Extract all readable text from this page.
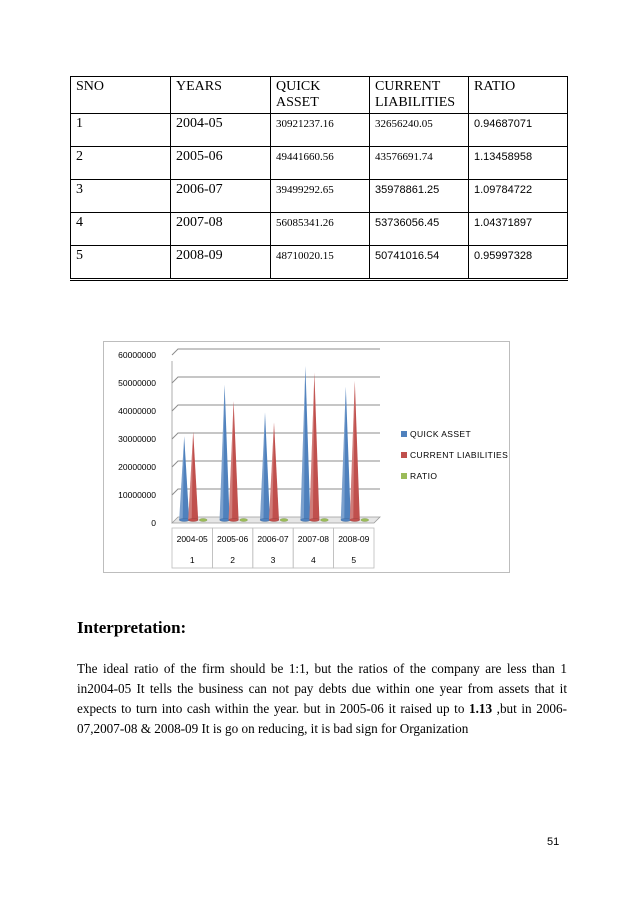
SNO	YEARS	QUICK ASSET	CURRENT LIABILITIES	RATIO
1	2004-05	30921237.16	32656240.05	0.94687071
2	2005-06	49441660.56	43576691.74	1.13458958
3	2006-07	39499292.65	35978861.25	1.09784722
4	2007-08	56085341.26	53736056.45	1.04371897
5	2008-09	48710020.15	50741016.54	0.95997328
0
10000000
20000000
30000000
40000000
50000000
60000000
2004-05
1
2005-06
2
2006-07
3
2007-08
4
2008-09
5
QUICK ASSET
CURRENT LIABILITIES
RATIO
Interpretation:

The ideal ratio of the firm should be 1:1, but the ratios of the company are less than 1 in2004-05 It tells the business can not pay debts due within one year from assets that it expects to turn into cash within the year. but in 2005-06 it raised up to 1.13 ,but in 2006-07,2007-08 & 2008-09 It is go on reducing, it is bad sign for Organization

51
